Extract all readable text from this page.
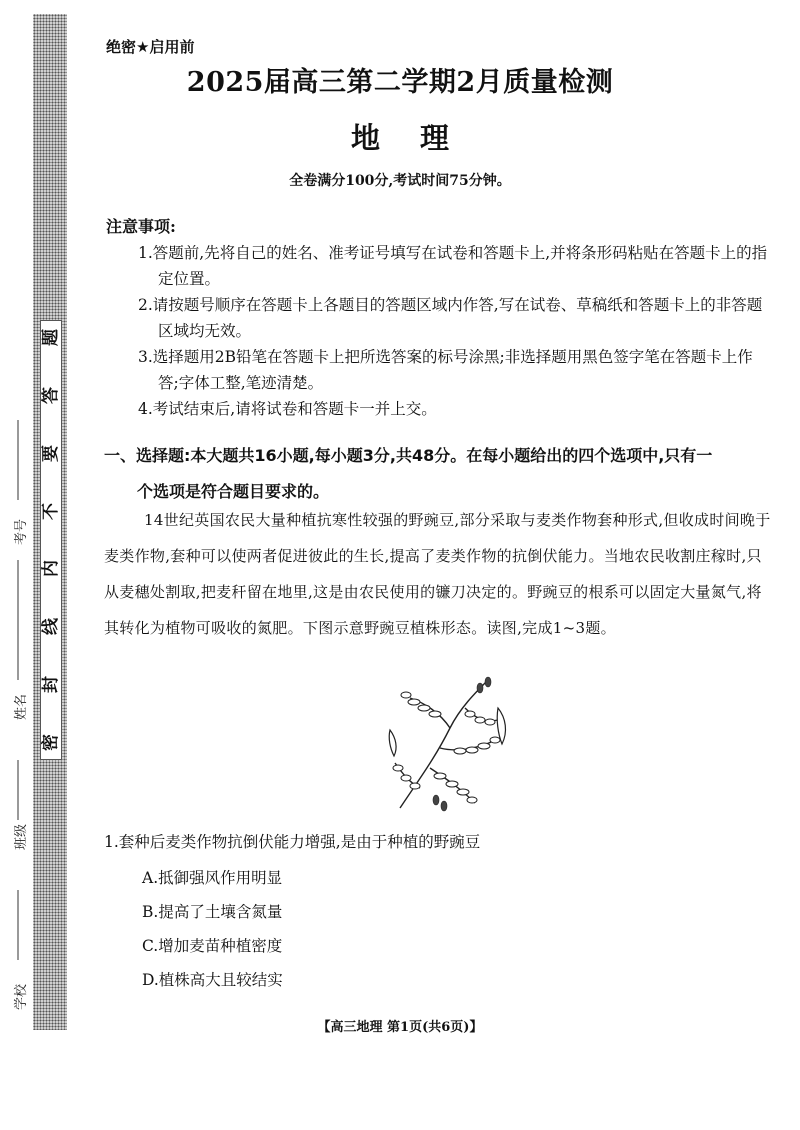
题
答
要
不
内
线
封
密
学校
班级
姓名
考号
绝密★启用前
2025届高三第二学期2月质量检测
地 理
全卷满分100分,考试时间75分钟。
注意事项:
1.答题前,先将自己的姓名、准考证号填写在试卷和答题卡上,并将条形码粘贴在答题卡上的指定位置。
2.请按题号顺序在答题卡上各题目的答题区域内作答,写在试卷、草稿纸和答题卡上的非答题区域均无效。
3.选择题用2B铅笔在答题卡上把所选答案的标号涂黑;非选择题用黑色签字笔在答题卡上作答;字体工整,笔迹清楚。
4.考试结束后,请将试卷和答题卡一并上交。
一、选择题:本大题共16小题,每小题3分,共48分。在每小题给出的四个选项中,只有一
个选项是符合题目要求的。
14世纪英国农民大量种植抗寒性较强的野豌豆,部分采取与麦类作物套种形式,但收成时间晚于麦类作物,套种可以使两者促进彼此的生长,提高了麦类作物的抗倒伏能力。当地农民收割庄稼时,只从麦穗处割取,把麦秆留在地里,这是由农民使用的镰刀决定的。野豌豆的根系可以固定大量氮气,将其转化为植物可吸收的氮肥。下图示意野豌豆植株形态。读图,完成1~3题。
1.套种后麦类作物抗倒伏能力增强,是由于种植的野豌豆
A.抵御强风作用明显
B.提高了土壤含氮量
C.增加麦苗种植密度
D.植株高大且较结实
【高三地理 第1页(共6页)】
